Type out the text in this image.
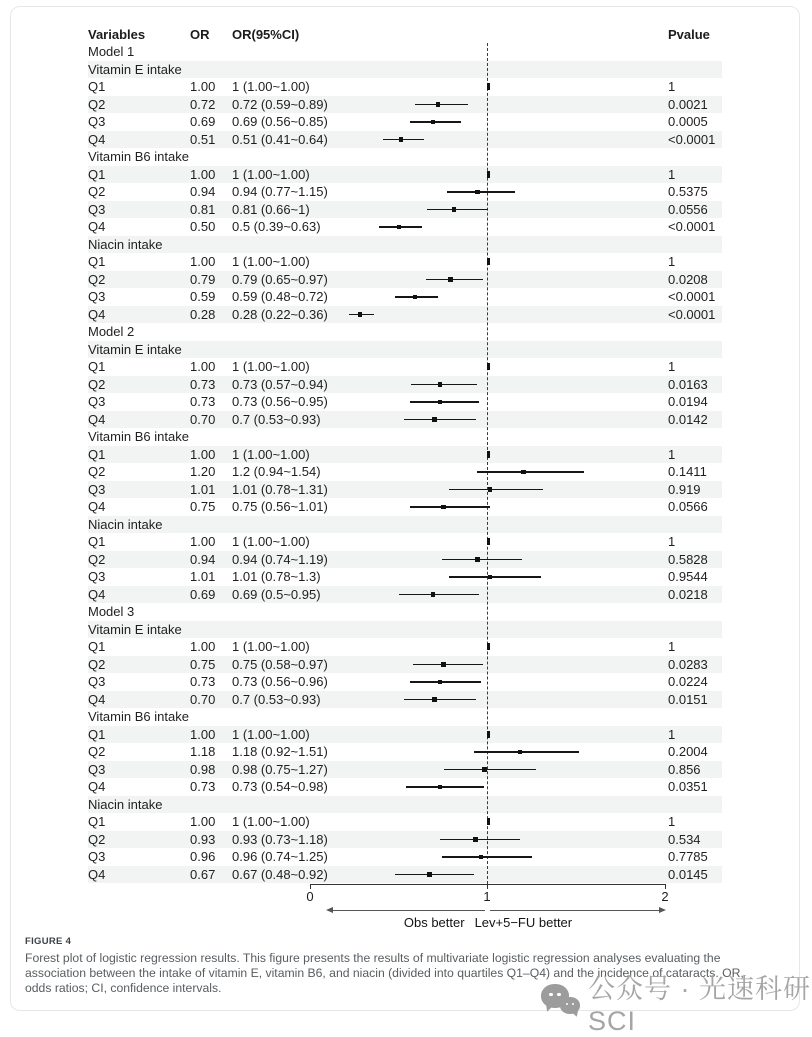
Variables	OR	OR(95%CI)	Pvalue
Model 1
Vitamin E intake
Q1	1.00	1 (1.00~1.00)	1
Q2	0.72	0.72 (0.59~0.89)	0.0021
Q3	0.69	0.69 (0.56~0.85)	0.0005
Q4	0.51	0.51 (0.41~0.64)	<0.0001
Vitamin B6 intake
Q1	1.00	1 (1.00~1.00)	1
Q2	0.94	0.94 (0.77~1.15)	0.5375
Q3	0.81	0.81 (0.66~1)	0.0556
Q4	0.50	0.5 (0.39~0.63)	<0.0001
Niacin intake
Q1	1.00	1 (1.00~1.00)	1
Q2	0.79	0.79 (0.65~0.97)	0.0208
Q3	0.59	0.59 (0.48~0.72)	<0.0001
Q4	0.28	0.28 (0.22~0.36)	<0.0001
Model 2
Vitamin E intake
Q1	1.00	1 (1.00~1.00)	1
Q2	0.73	0.73 (0.57~0.94)	0.0163
Q3	0.73	0.73 (0.56~0.95)	0.0194
Q4	0.70	0.7 (0.53~0.93)	0.0142
Vitamin B6 intake
Q1	1.00	1 (1.00~1.00)	1
Q2	1.20	1.2 (0.94~1.54)	0.1411
Q3	1.01	1.01 (0.78~1.31)	0.919
Q4	0.75	0.75 (0.56~1.01)	0.0566
Niacin intake
Q1	1.00	1 (1.00~1.00)	1
Q2	0.94	0.94 (0.74~1.19)	0.5828
Q3	1.01	1.01 (0.78~1.3)	0.9544
Q4	0.69	0.69 (0.5~0.95)	0.0218
Model 3
Vitamin E intake
Q1	1.00	1 (1.00~1.00)	1
Q2	0.75	0.75 (0.58~0.97)	0.0283
Q3	0.73	0.73 (0.56~0.96)	0.0224
Q4	0.70	0.7 (0.53~0.93)	0.0151
Vitamin B6 intake
Q1	1.00	1 (1.00~1.00)	1
Q2	1.18	1.18 (0.92~1.51)	0.2004
Q3	0.98	0.98 (0.75~1.27)	0.856
Q4	0.73	0.73 (0.54~0.98)	0.0351
Niacin intake
Q1	1.00	1 (1.00~1.00)	1
Q2	0.93	0.93 (0.73~1.18)	0.534
Q3	0.96	0.96 (0.74~1.25)	0.7785
Q4	0.67	0.67 (0.48~0.92)	0.0145
0	1	2
Obs better Lev+5−FU better
FIGURE 4
Forest plot of logistic regression results. This figure presents the results of multivariate logistic regression analyses evaluating the association between the intake of vitamin E, vitamin B6, and niacin (divided into quartiles Q1–Q4) and the incidence of cataracts. OR, odds ratios; CI, confidence intervals.	公众号 · 光速科研SCI
